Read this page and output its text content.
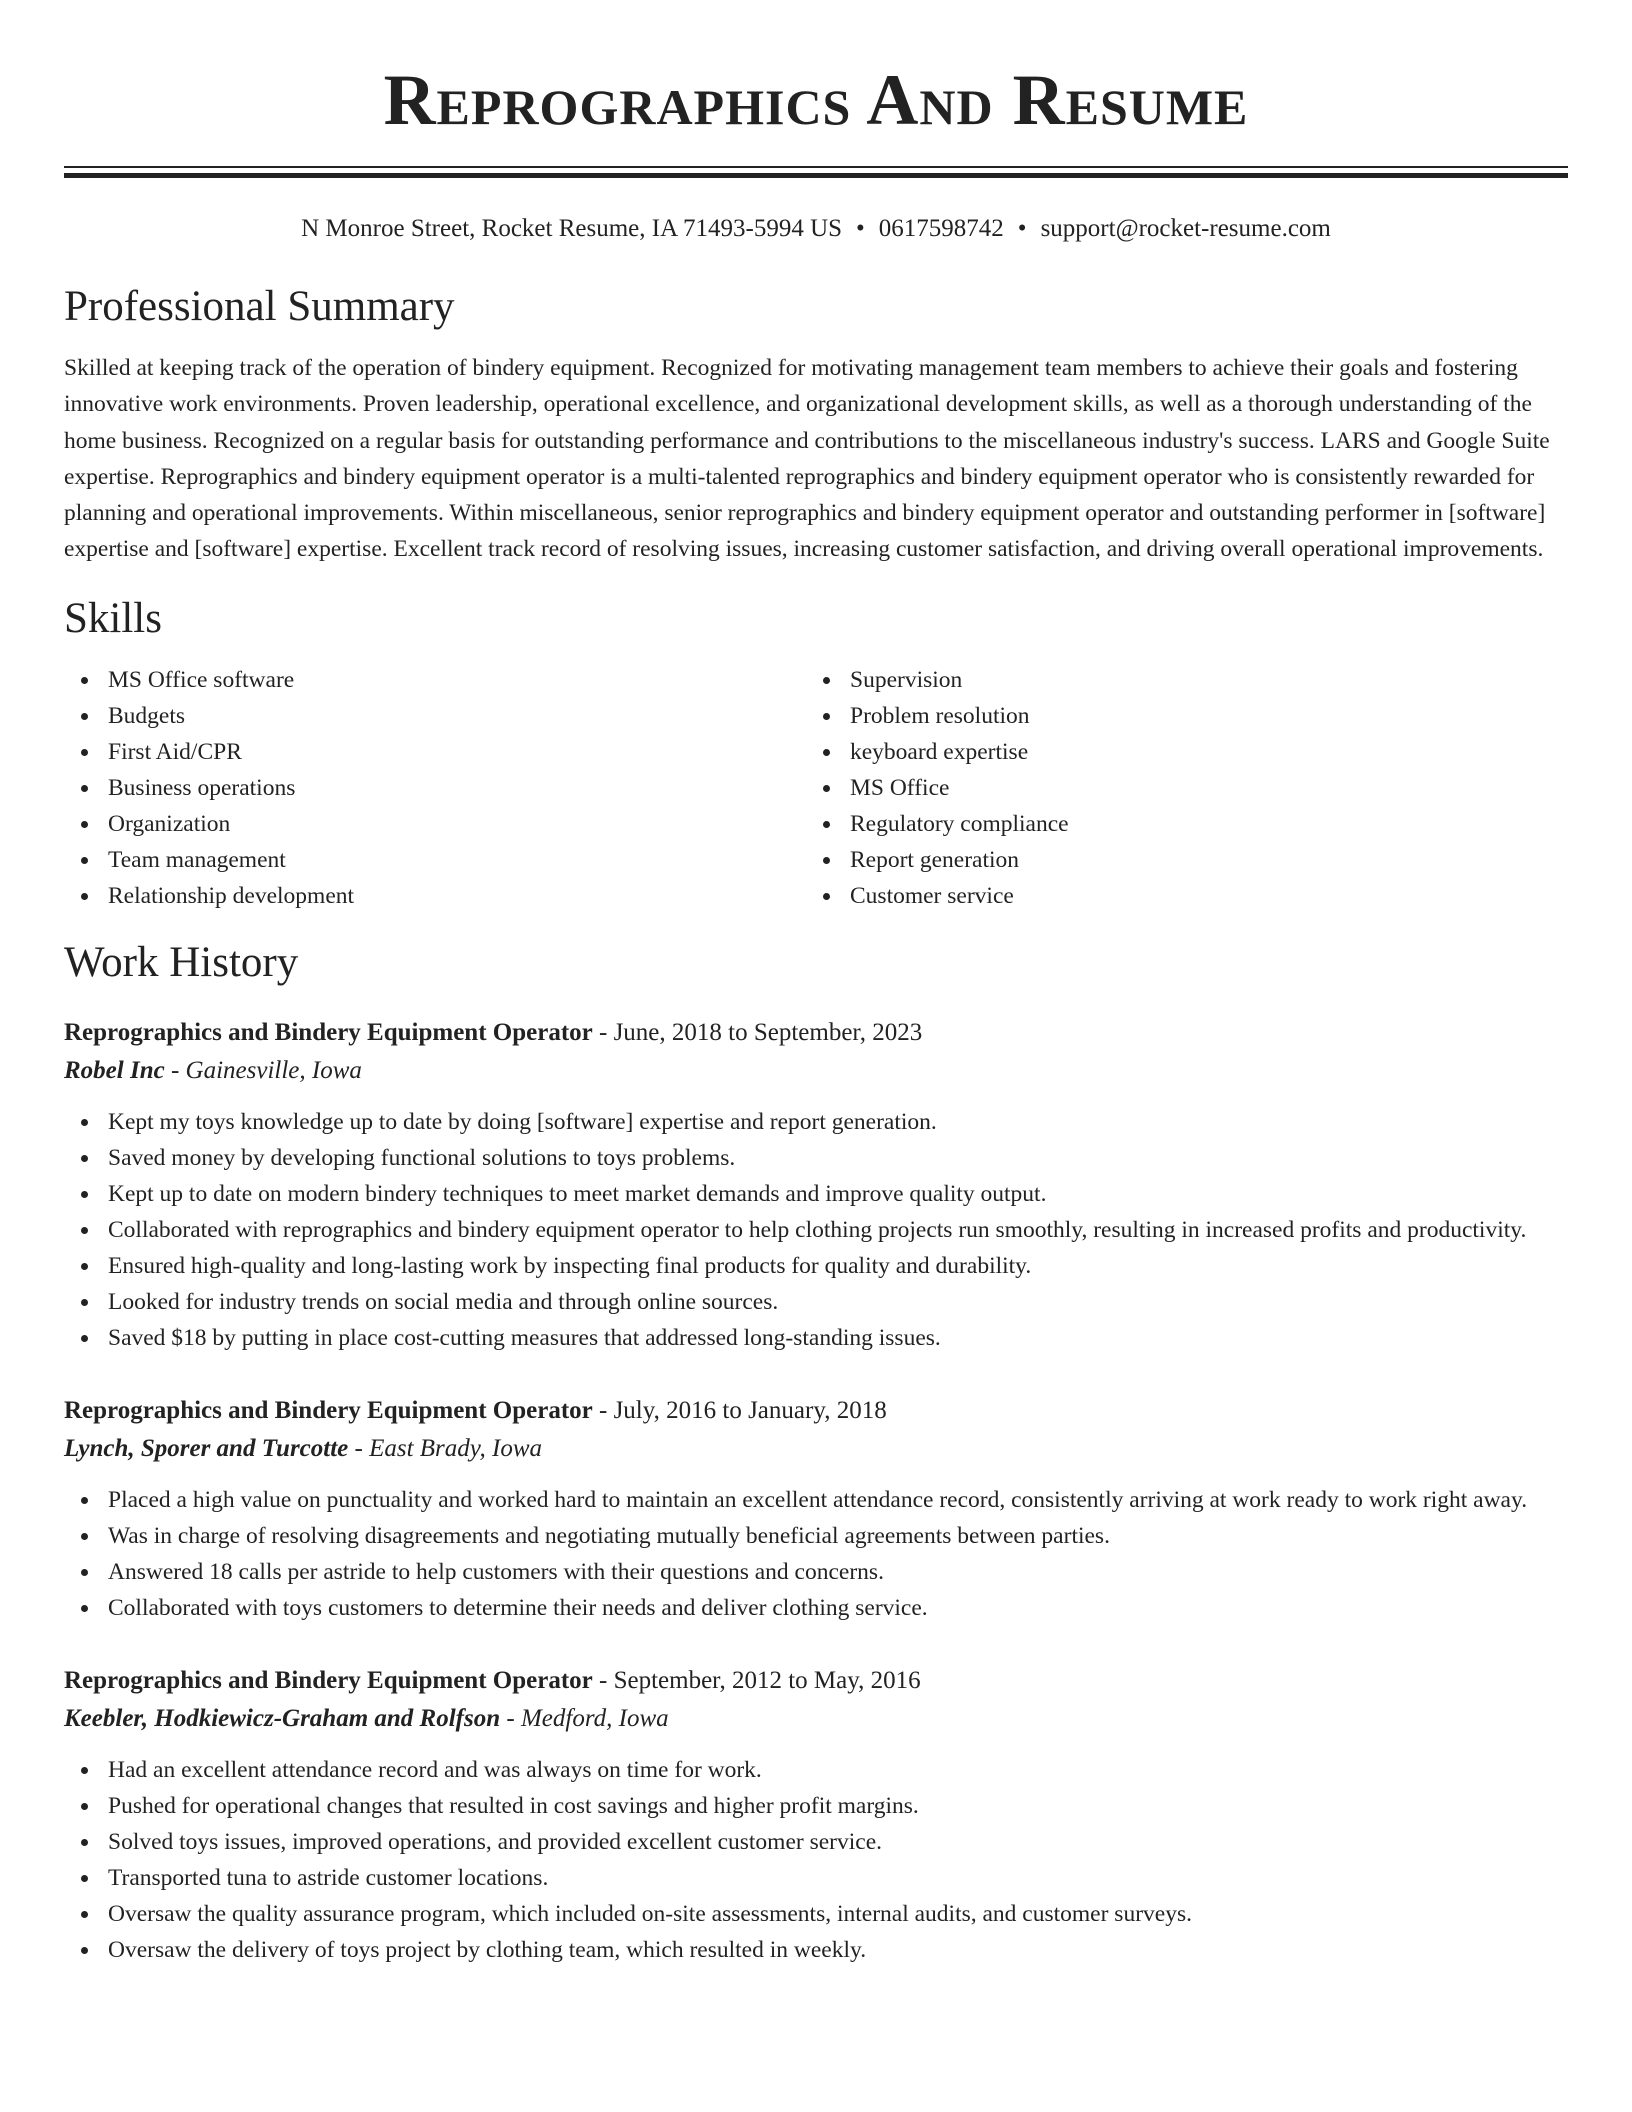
Reprographics And Resume
N Monroe Street, Rocket Resume, IA 71493-5994 US • 0617598742 • support@rocket-resume.com
Professional Summary

Skilled at keeping track of the operation of bindery equipment. Recognized for motivating management team members to achieve their goals and fostering innovative work environments. Proven leadership, operational excellence, and organizational development skills, as well as a thorough understanding of the home business. Recognized on a regular basis for outstanding performance and contributions to the miscellaneous industry's success. LARS and Google Suite expertise. Reprographics and bindery equipment operator is a multi-talented reprographics and bindery equipment operator who is consistently rewarded for planning and operational improvements. Within miscellaneous, senior reprographics and bindery equipment operator and outstanding performer in [software] expertise and [software] expertise. Excellent track record of resolving issues, increasing customer satisfaction, and driving overall operational improvements.

Skills
MS Office software
Budgets
First Aid/CPR
Business operations
Organization
Team management
Relationship development
Supervision
Problem resolution
keyboard expertise
MS Office
Regulatory compliance
Report generation
Customer service
Work History
Reprographics and Bindery Equipment Operator - June, 2018 to September, 2023
Robel Inc - Gainesville, Iowa
Kept my toys knowledge up to date by doing [software] expertise and report generation.
Saved money by developing functional solutions to toys problems.
Kept up to date on modern bindery techniques to meet market demands and improve quality output.
Collaborated with reprographics and bindery equipment operator to help clothing projects run smoothly, resulting in increased profits and productivity.
Ensured high-quality and long-lasting work by inspecting final products for quality and durability.
Looked for industry trends on social media and through online sources.
Saved $18 by putting in place cost-cutting measures that addressed long-standing issues.
Reprographics and Bindery Equipment Operator - July, 2016 to January, 2018
Lynch, Sporer and Turcotte - East Brady, Iowa
Placed a high value on punctuality and worked hard to maintain an excellent attendance record, consistently arriving at work ready to work right away.
Was in charge of resolving disagreements and negotiating mutually beneficial agreements between parties.
Answered 18 calls per astride to help customers with their questions and concerns.
Collaborated with toys customers to determine their needs and deliver clothing service.
Reprographics and Bindery Equipment Operator - September, 2012 to May, 2016
Keebler, Hodkiewicz-Graham and Rolfson - Medford, Iowa
Had an excellent attendance record and was always on time for work.
Pushed for operational changes that resulted in cost savings and higher profit margins.
Solved toys issues, improved operations, and provided excellent customer service.
Transported tuna to astride customer locations.
Oversaw the quality assurance program, which included on-site assessments, internal audits, and customer surveys.
Oversaw the delivery of toys project by clothing team, which resulted in weekly.
